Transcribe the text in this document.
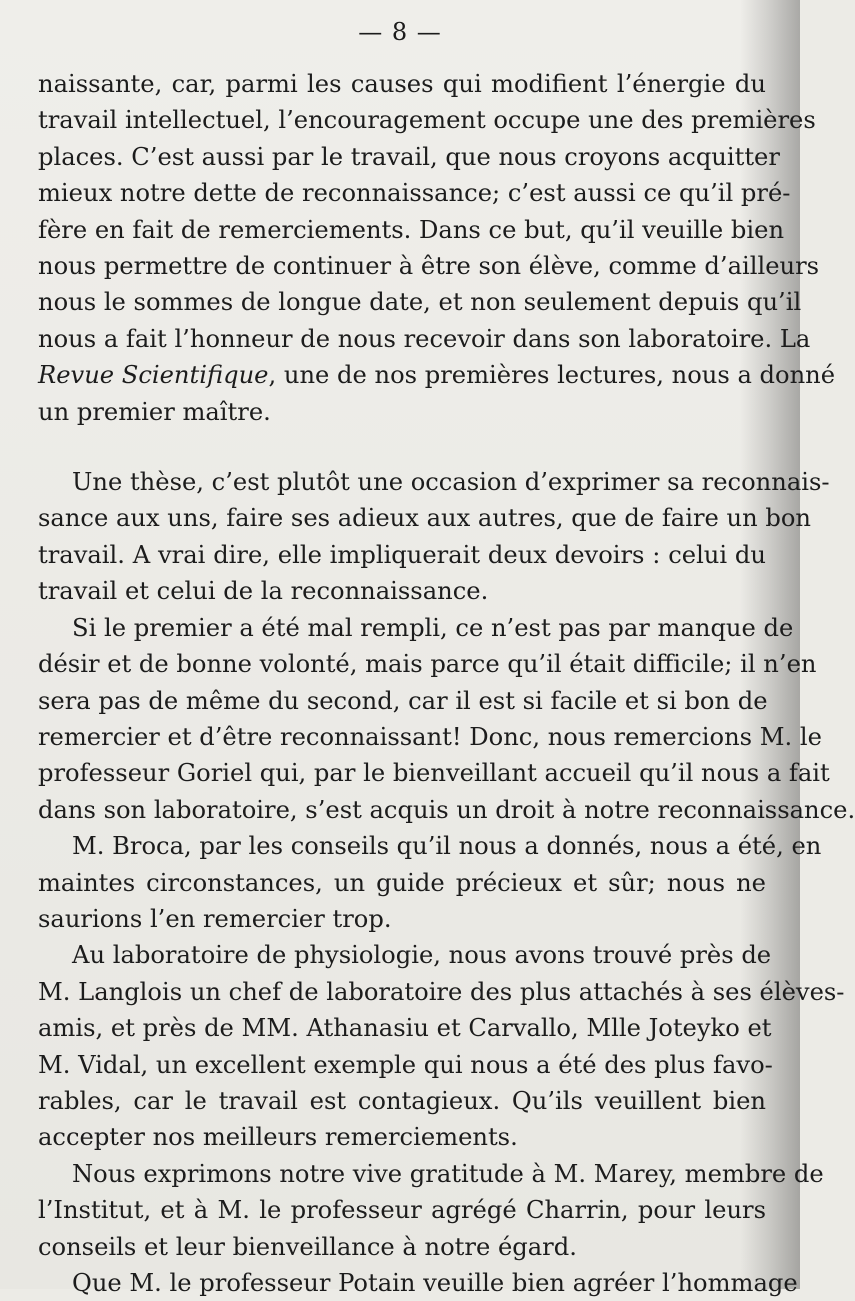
— 8 —
naissante, car, parmi les causes qui modifient l’énergie du
travail intellectuel, l’encouragement occupe une des premières
places. C’est aussi par le travail, que nous croyons acquitter
mieux notre dette de reconnaissance; c’est aussi ce qu’il pré-
fère en fait de remerciements. Dans ce but, qu’il veuille bien
nous permettre de continuer à être son élève, comme d’ailleurs
nous le sommes de longue date, et non seulement depuis qu’il
nous a fait l’honneur de nous recevoir dans son laboratoire. La
Revue Scientifique, une de nos premières lectures, nous a donné
un premier maître.
Une thèse, c’est plutôt une occasion d’exprimer sa reconnais-
sance aux uns, faire ses adieux aux autres, que de faire un bon
travail. A vrai dire, elle impliquerait deux devoirs : celui du
travail et celui de la reconnaissance.
Si le premier a été mal rempli, ce n’est pas par manque de
désir et de bonne volonté, mais parce qu’il était difficile; il n’en
sera pas de même du second, car il est si facile et si bon de
remercier et d’être reconnaissant! Donc, nous remercions M. le
professeur Goriel qui, par le bienveillant accueil qu’il nous a fait
dans son laboratoire, s’est acquis un droit à notre reconnaissance.
M. Broca, par les conseils qu’il nous a donnés, nous a été, en
maintes circonstances, un guide précieux et sûr; nous ne
saurions l’en remercier trop.
Au laboratoire de physiologie, nous avons trouvé près de
M. Langlois un chef de laboratoire des plus attachés à ses élèves-
amis, et près de MM. Athanasiu et Carvallo, Mlle Joteyko et
M. Vidal, un excellent exemple qui nous a été des plus favo-
rables, car le travail est contagieux. Qu’ils veuillent bien
accepter nos meilleurs remerciements.
Nous exprimons notre vive gratitude à M. Marey, membre de
l’Institut, et à M. le professeur agrégé Charrin, pour leurs
conseils et leur bienveillance à notre égard.
Que M. le professeur Potain veuille bien agréer l’hommage
